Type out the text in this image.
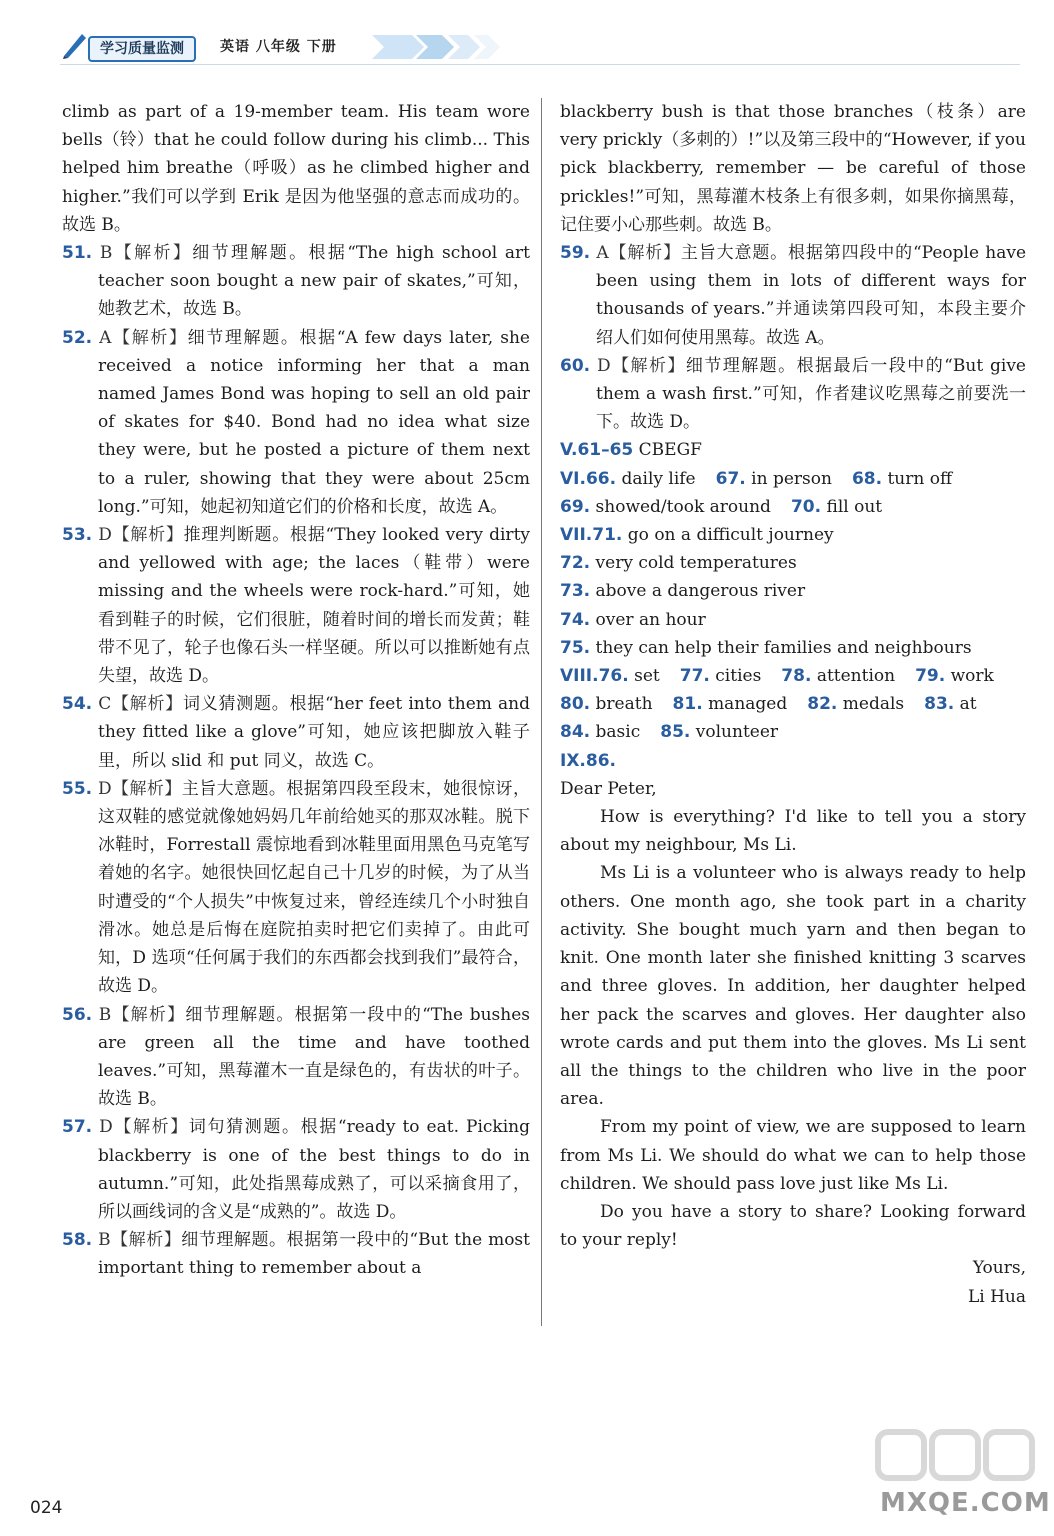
学习质量监测	英语 八年级 下册

climb as part of a 19-member team. His team wore bells（铃）that he could follow during his climb... This helped him breathe（呼吸）as he climbed higher and higher.”我们可以学到 Erik 是因为他坚强的意志而成功的。故选 B。

51. B【解析】细节理解题。根据“The high school art teacher soon bought a new pair of skates,”可知，她教艺术，故选 B。

52. A【解析】细节理解题。根据“A few days later, she received a notice informing her that a man named James Bond was hoping to sell an old pair of skates for $40. Bond had no idea what size they were, but he posted a picture of them next to a ruler, showing that they were about 25cm long.”可知，她起初知道它们的价格和长度，故选 A。

53. D【解析】推理判断题。根据“They looked very dirty and yellowed with age; the laces（鞋带）were missing and the wheels were rock-hard.”可知，她看到鞋子的时候，它们很脏，随着时间的增长而发黄；鞋带不见了，轮子也像石头一样坚硬。所以可以推断她有点失望，故选 D。

54. C【解析】词义猜测题。根据“her feet into them and they fitted like a glove”可知，她应该把脚放入鞋子里，所以 slid 和 put 同义，故选 C。

55. D【解析】主旨大意题。根据第四段至段末，她很惊讶，这双鞋的感觉就像她妈妈几年前给她买的那双冰鞋。脱下冰鞋时，Forrestall 震惊地看到冰鞋里面用黑色马克笔写着她的名字。她很快回忆起自己十几岁的时候，为了从当时遭受的“个人损失”中恢复过来，曾经连续几个小时独自滑冰。她总是后悔在庭院拍卖时把它们卖掉了。由此可知，D 选项“任何属于我们的东西都会找到我们”最符合，故选 D。

56. B【解析】细节理解题。根据第一段中的“The bushes are green all the time and have toothed leaves.”可知，黑莓灌木一直是绿色的，有齿状的叶子。故选 B。

57. D【解析】词句猜测题。根据“ready to eat. Picking blackberry is one of the best things to do in autumn.”可知，此处指黑莓成熟了，可以采摘食用了，所以画线词的含义是“成熟的”。故选 D。

58. B【解析】细节理解题。根据第一段中的“But the most important thing to remember about a

blackberry bush is that those branches（枝条）are very prickly（多刺的）!”以及第三段中的“However, if you pick blackberry, remember — be careful of those prickles!”可知，黑莓灌木枝条上有很多刺，如果你摘黑莓，记住要小心那些刺。故选 B。

59. A【解析】主旨大意题。根据第四段中的“People have been using them in lots of different ways for thousands of years.”并通读第四段可知，本段主要介绍人们如何使用黑莓。故选 A。

60. D【解析】细节理解题。根据最后一段中的“But give them a wash first.”可知，作者建议吃黑莓之前要洗一下。故选 D。

V.61–65 CBEGF

VI.66. daily life 67. in person 68. turn off

69. showed/took around 70. fill out

VII.71. go on a difficult journey

72. very cold temperatures

73. above a dangerous river

74. over an hour

75. they can help their families and neighbours

VIII.76. set 77. cities 78. attention 79. work

80. breath 81. managed 82. medals 83. at

84. basic 85. volunteer

IX.86.

Dear Peter,

How is everything? I'd like to tell you a story about my neighbour, Ms Li.

Ms Li is a volunteer who is always ready to help others. One month ago, she took part in a charity activity. She bought much yarn and then began to knit. One month later she finished knitting 3 scarves and three gloves. In addition, her daughter helped her pack the scarves and gloves. Her daughter also wrote cards and put them into the gloves. Ms Li sent all the things to the children who live in the poor area.

From my point of view, we are supposed to learn from Ms Li. We should do what we can to help those children. We should pass love just like Ms Li.

Do you have a story to share? Looking forward to your reply!

Yours,

Li Hua

024	MXQE.COM
